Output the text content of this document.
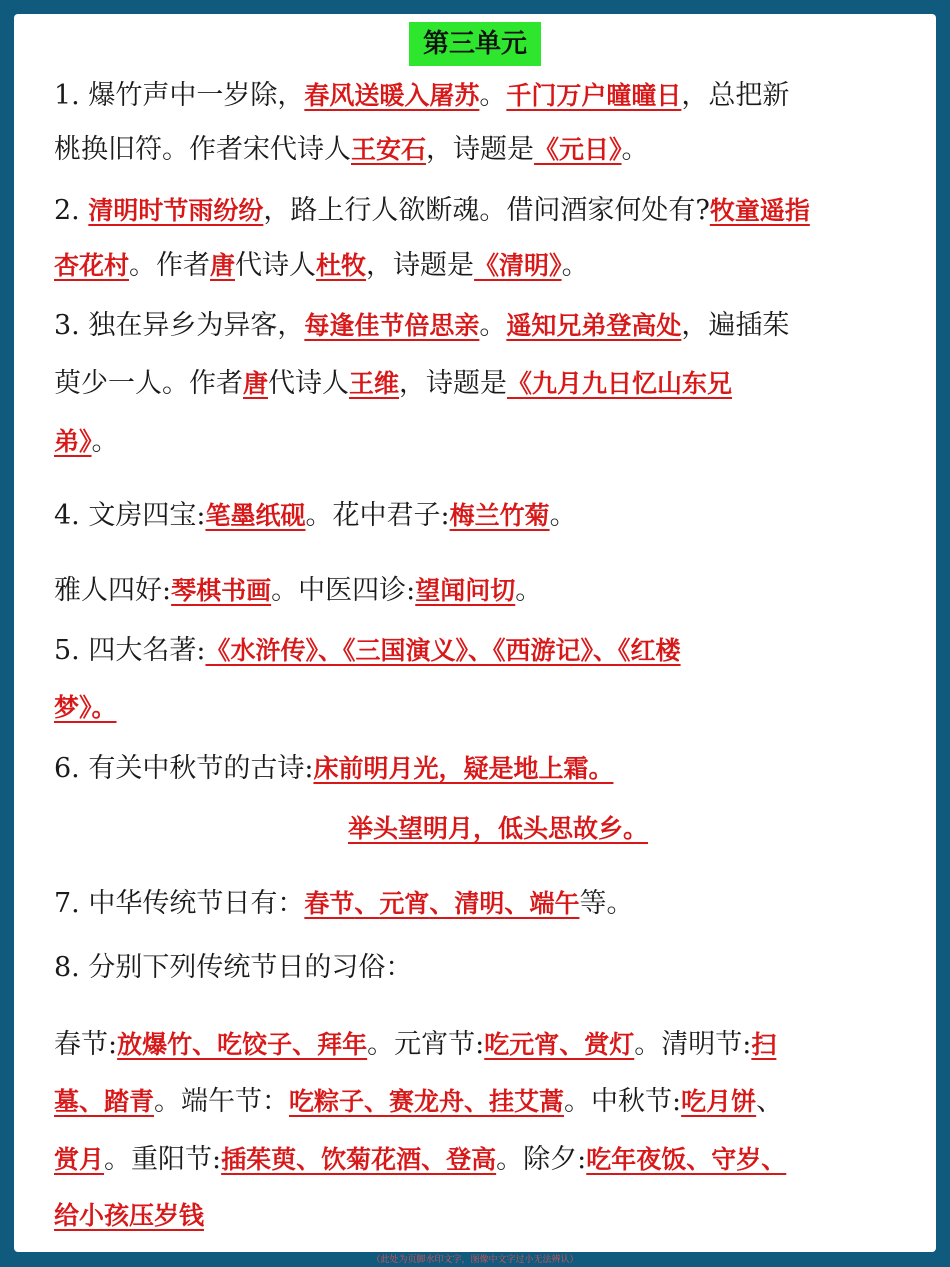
第三单元
1. 爆竹声中一岁除，春风送暖入屠苏。千门万户曈曈日，总把新
桃换旧符。作者宋代诗人王安石，诗题是《元日》。
2. 清明时节雨纷纷，路上行人欲断魂。借问酒家何处有?牧童遥指
杏花村。作者唐代诗人杜牧，诗题是《清明》。
3. 独在异乡为异客，每逢佳节倍思亲。遥知兄弟登高处，遍插茱
萸少一人。作者唐代诗人王维，诗题是《九月九日忆山东兄
弟》。
4. 文房四宝:笔墨纸砚。花中君子:梅兰竹菊。
雅人四好:琴棋书画。中医四诊:望闻问切。
5. 四大名著:《水浒传》、《三国演义》、《西游记》、《红楼
梦》。
6. 有关中秋节的古诗:床前明月光，疑是地上霜。
举头望明月，低头思故乡。
7. 中华传统节日有：春节、元宵、清明、端午等。
8. 分别下列传统节日的习俗：
春节:放爆竹、吃饺子、拜年。元宵节:吃元宵、赏灯。清明节:扫
墓、踏青。端午节：吃粽子、赛龙舟、挂艾蒿。中秋节:吃月饼、
赏月。重阳节:插茱萸、饮菊花酒、登高。除夕:吃年夜饭、守岁、
给小孩压岁钱
（此处为页脚水印文字，图像中文字过小无法辨认）
